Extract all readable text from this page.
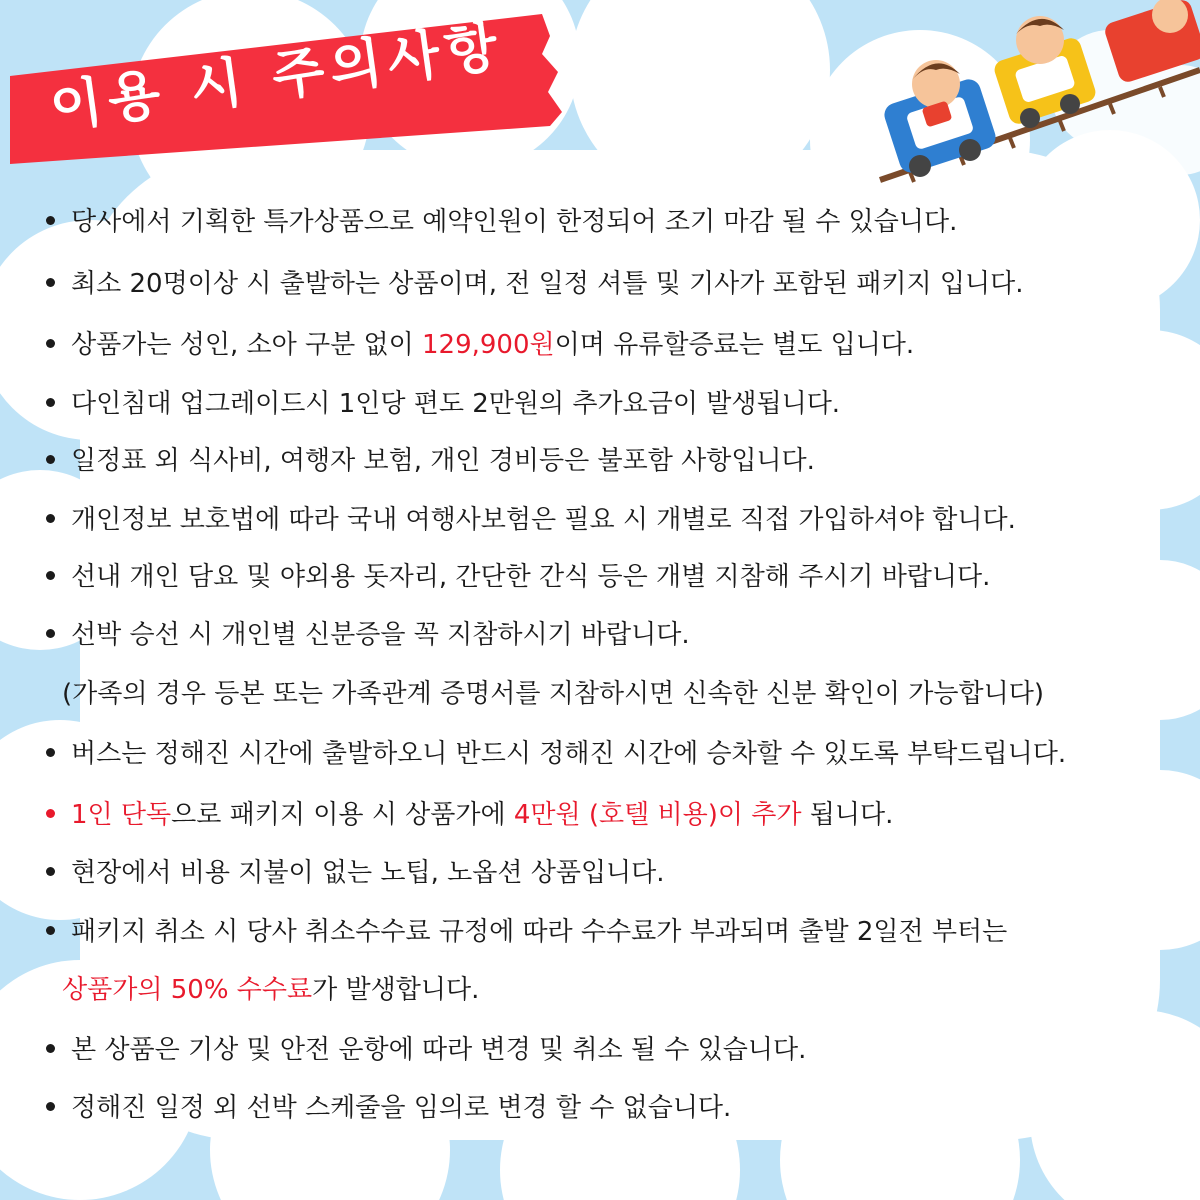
이용 시 주의사항
당사에서 기획한 특가상품으로 예약인원이 한정되어 조기 마감 될 수 있습니다.
최소 20명이상 시 출발하는 상품이며, 전 일정 셔틀 및 기사가 포함된 패키지 입니다.
상품가는 성인, 소아 구분 없이 129,900원이며 유류할증료는 별도 입니다.
다인침대 업그레이드시 1인당 편도 2만원의 추가요금이 발생됩니다.
일정표 외 식사비, 여행자 보험, 개인 경비등은 불포함 사항입니다.
개인정보 보호법에 따라 국내 여행사보험은 필요 시 개별로 직접 가입하셔야 합니다.
선내 개인 담요 및 야외용 돗자리, 간단한 간식 등은 개별 지참해 주시기 바랍니다.
선박 승선 시 개인별 신분증을 꼭 지참하시기 바랍니다.
(가족의 경우 등본 또는 가족관계 증명서를 지참하시면 신속한 신분 확인이 가능합니다)
버스는 정해진 시간에 출발하오니 반드시 정해진 시간에 승차할 수 있도록 부탁드립니다.
1인 단독으로 패키지 이용 시 상품가에 4만원 (호텔 비용)이 추가 됩니다.
현장에서 비용 지불이 없는 노팁, 노옵션 상품입니다.
패키지 취소 시 당사 취소수수료 규정에 따라 수수료가 부과되며 출발 2일전 부터는
상품가의 50% 수수료가 발생합니다.
본 상품은 기상 및 안전 운항에 따라 변경 및 취소 될 수 있습니다.
정해진 일정 외 선박 스케줄을 임의로 변경 할 수 없습니다.
